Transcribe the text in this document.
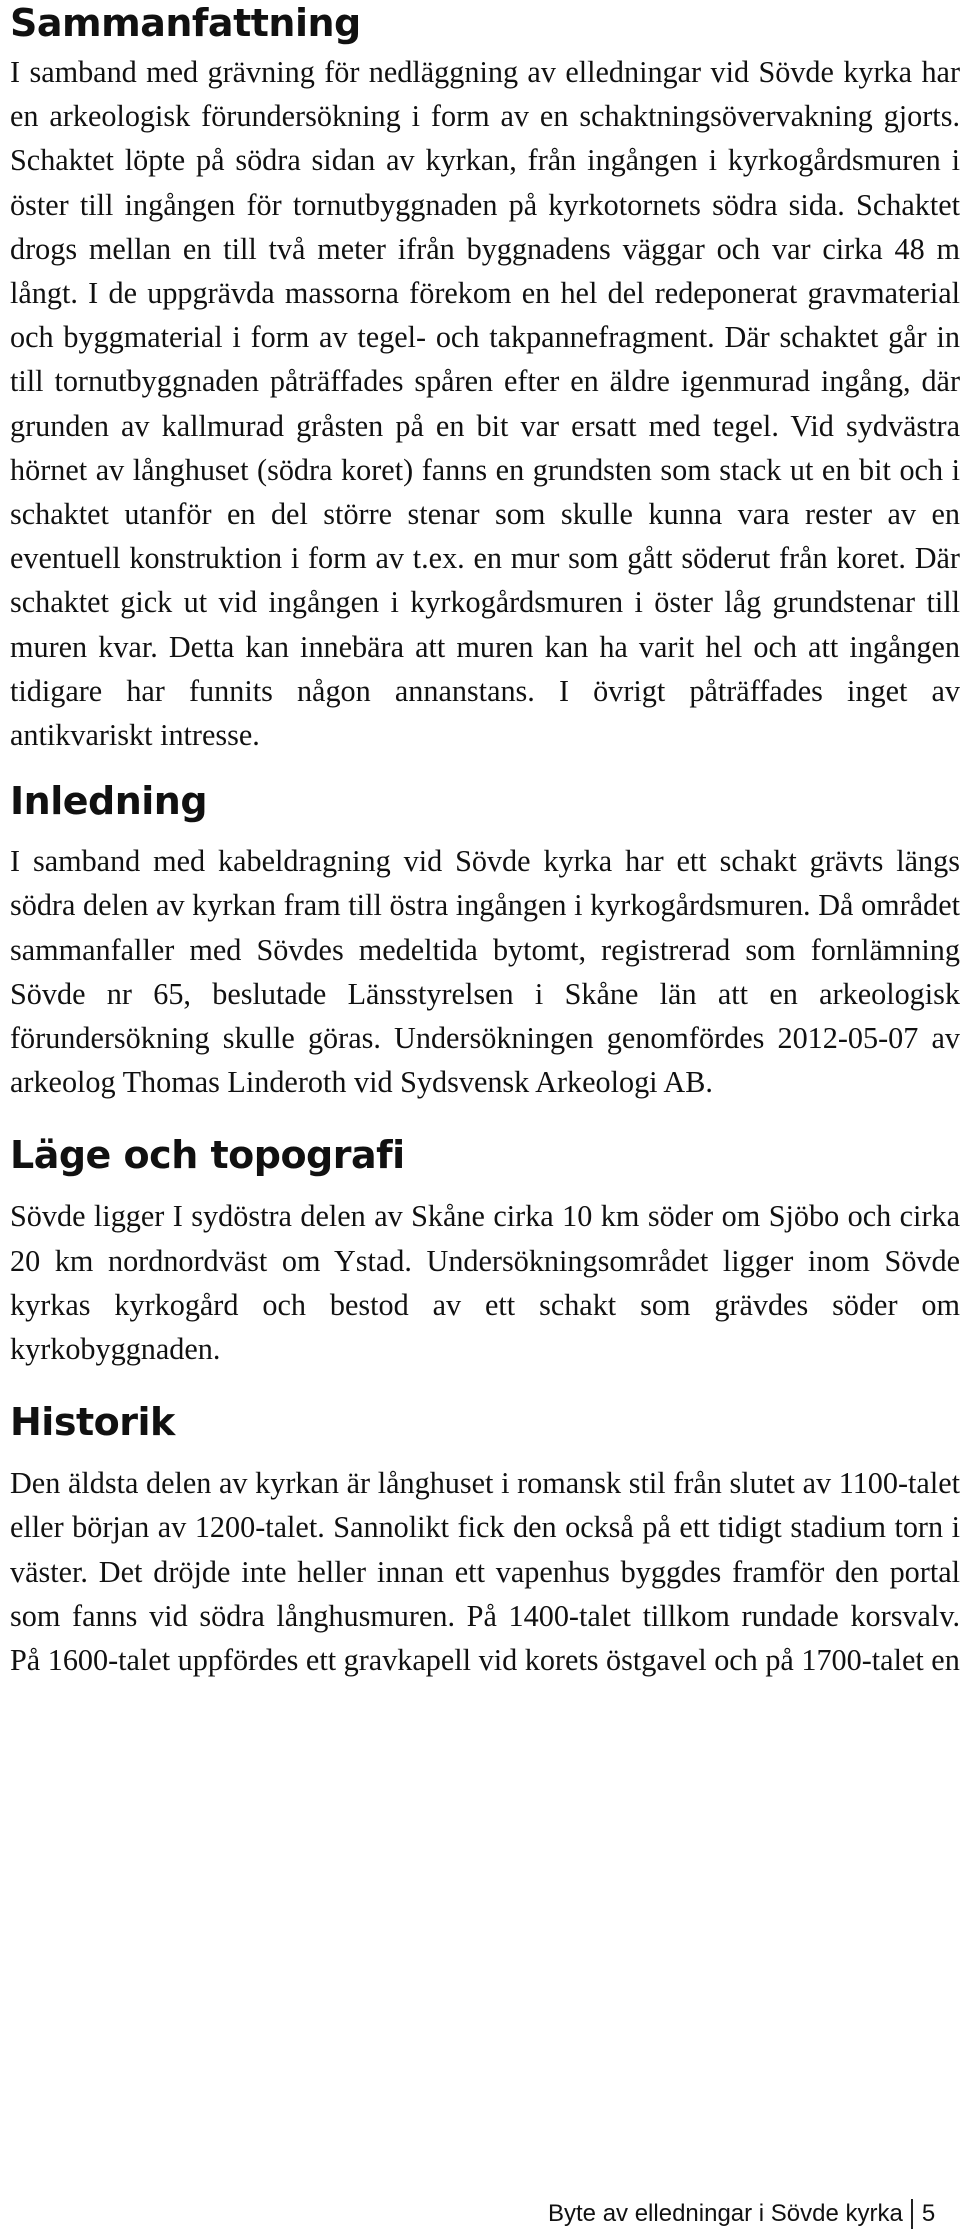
Sammanfattning

I samband med grävning för nedläggning av elledningar vid Sövde kyrka har en arkeologisk förundersökning i form av en schaktningsövervakning gjorts. Schaktet löpte på södra sidan av kyrkan, från ingången i kyrkogårdsmuren i öster till ingången för tornutbyggnaden på kyrkotornets södra sida. Schaktet drogs mellan en till två meter ifrån byggnadens väggar och var cirka 48 m långt. I de uppgrävda massorna förekom en hel del redeponerat gravmaterial och byggmaterial i form av tegel- och takpannefragment. Där schaktet går in till tornutbyggnaden påträffades spåren efter en äldre igenmurad ingång, där grunden av kallmurad gråsten på en bit var ersatt med tegel. Vid sydvästra hörnet av långhuset (södra koret) fanns en grundsten som stack ut en bit och i schaktet utanför en del större stenar som skulle kunna vara rester av en eventuell konstruktion i form av t.ex. en mur som gått söderut från koret. Där schaktet gick ut vid ingången i kyrkogårdsmuren i öster låg grundstenar till muren kvar. Detta kan innebära att muren kan ha varit hel och att ingången tidigare har funnits någon annanstans. I övrigt påträffades inget av antikvariskt intresse.

Inledning

I samband med kabeldragning vid Sövde kyrka har ett schakt grävts längs södra delen av kyrkan fram till östra ingången i kyrkogårdsmuren. Då området sammanfaller med Sövdes medeltida bytomt, registrerad som fornlämning Sövde nr 65, beslutade Länsstyrelsen i Skåne län att en arkeologisk förundersökning skulle göras. Undersökningen genomfördes 2012-05-07 av arkeolog Thomas Linderoth vid Sydsvensk Arkeologi AB.

Läge och topografi

Sövde ligger I sydöstra delen av Skåne cirka 10 km söder om Sjöbo och cirka 20 km nordnordväst om Ystad. Undersökningsområdet ligger inom Sövde kyrkas kyrkogård och bestod av ett schakt som grävdes söder om kyrkobyggnaden.

Historik

Den äldsta delen av kyrkan är långhuset i romansk stil från slutet av 1100-talet eller början av 1200-talet. Sannolikt fick den också på ett tidigt stadium torn i väster. Det dröjde inte heller innan ett vapenhus byggdes framför den portal som fanns vid södra långhusmuren. På 1400-talet tillkom rundade korsvalv. På 1600-talet uppfördes ett gravkapell vid korets östgavel och på 1700-talet en

Byte av elledningar i Sövde kyrka 5
